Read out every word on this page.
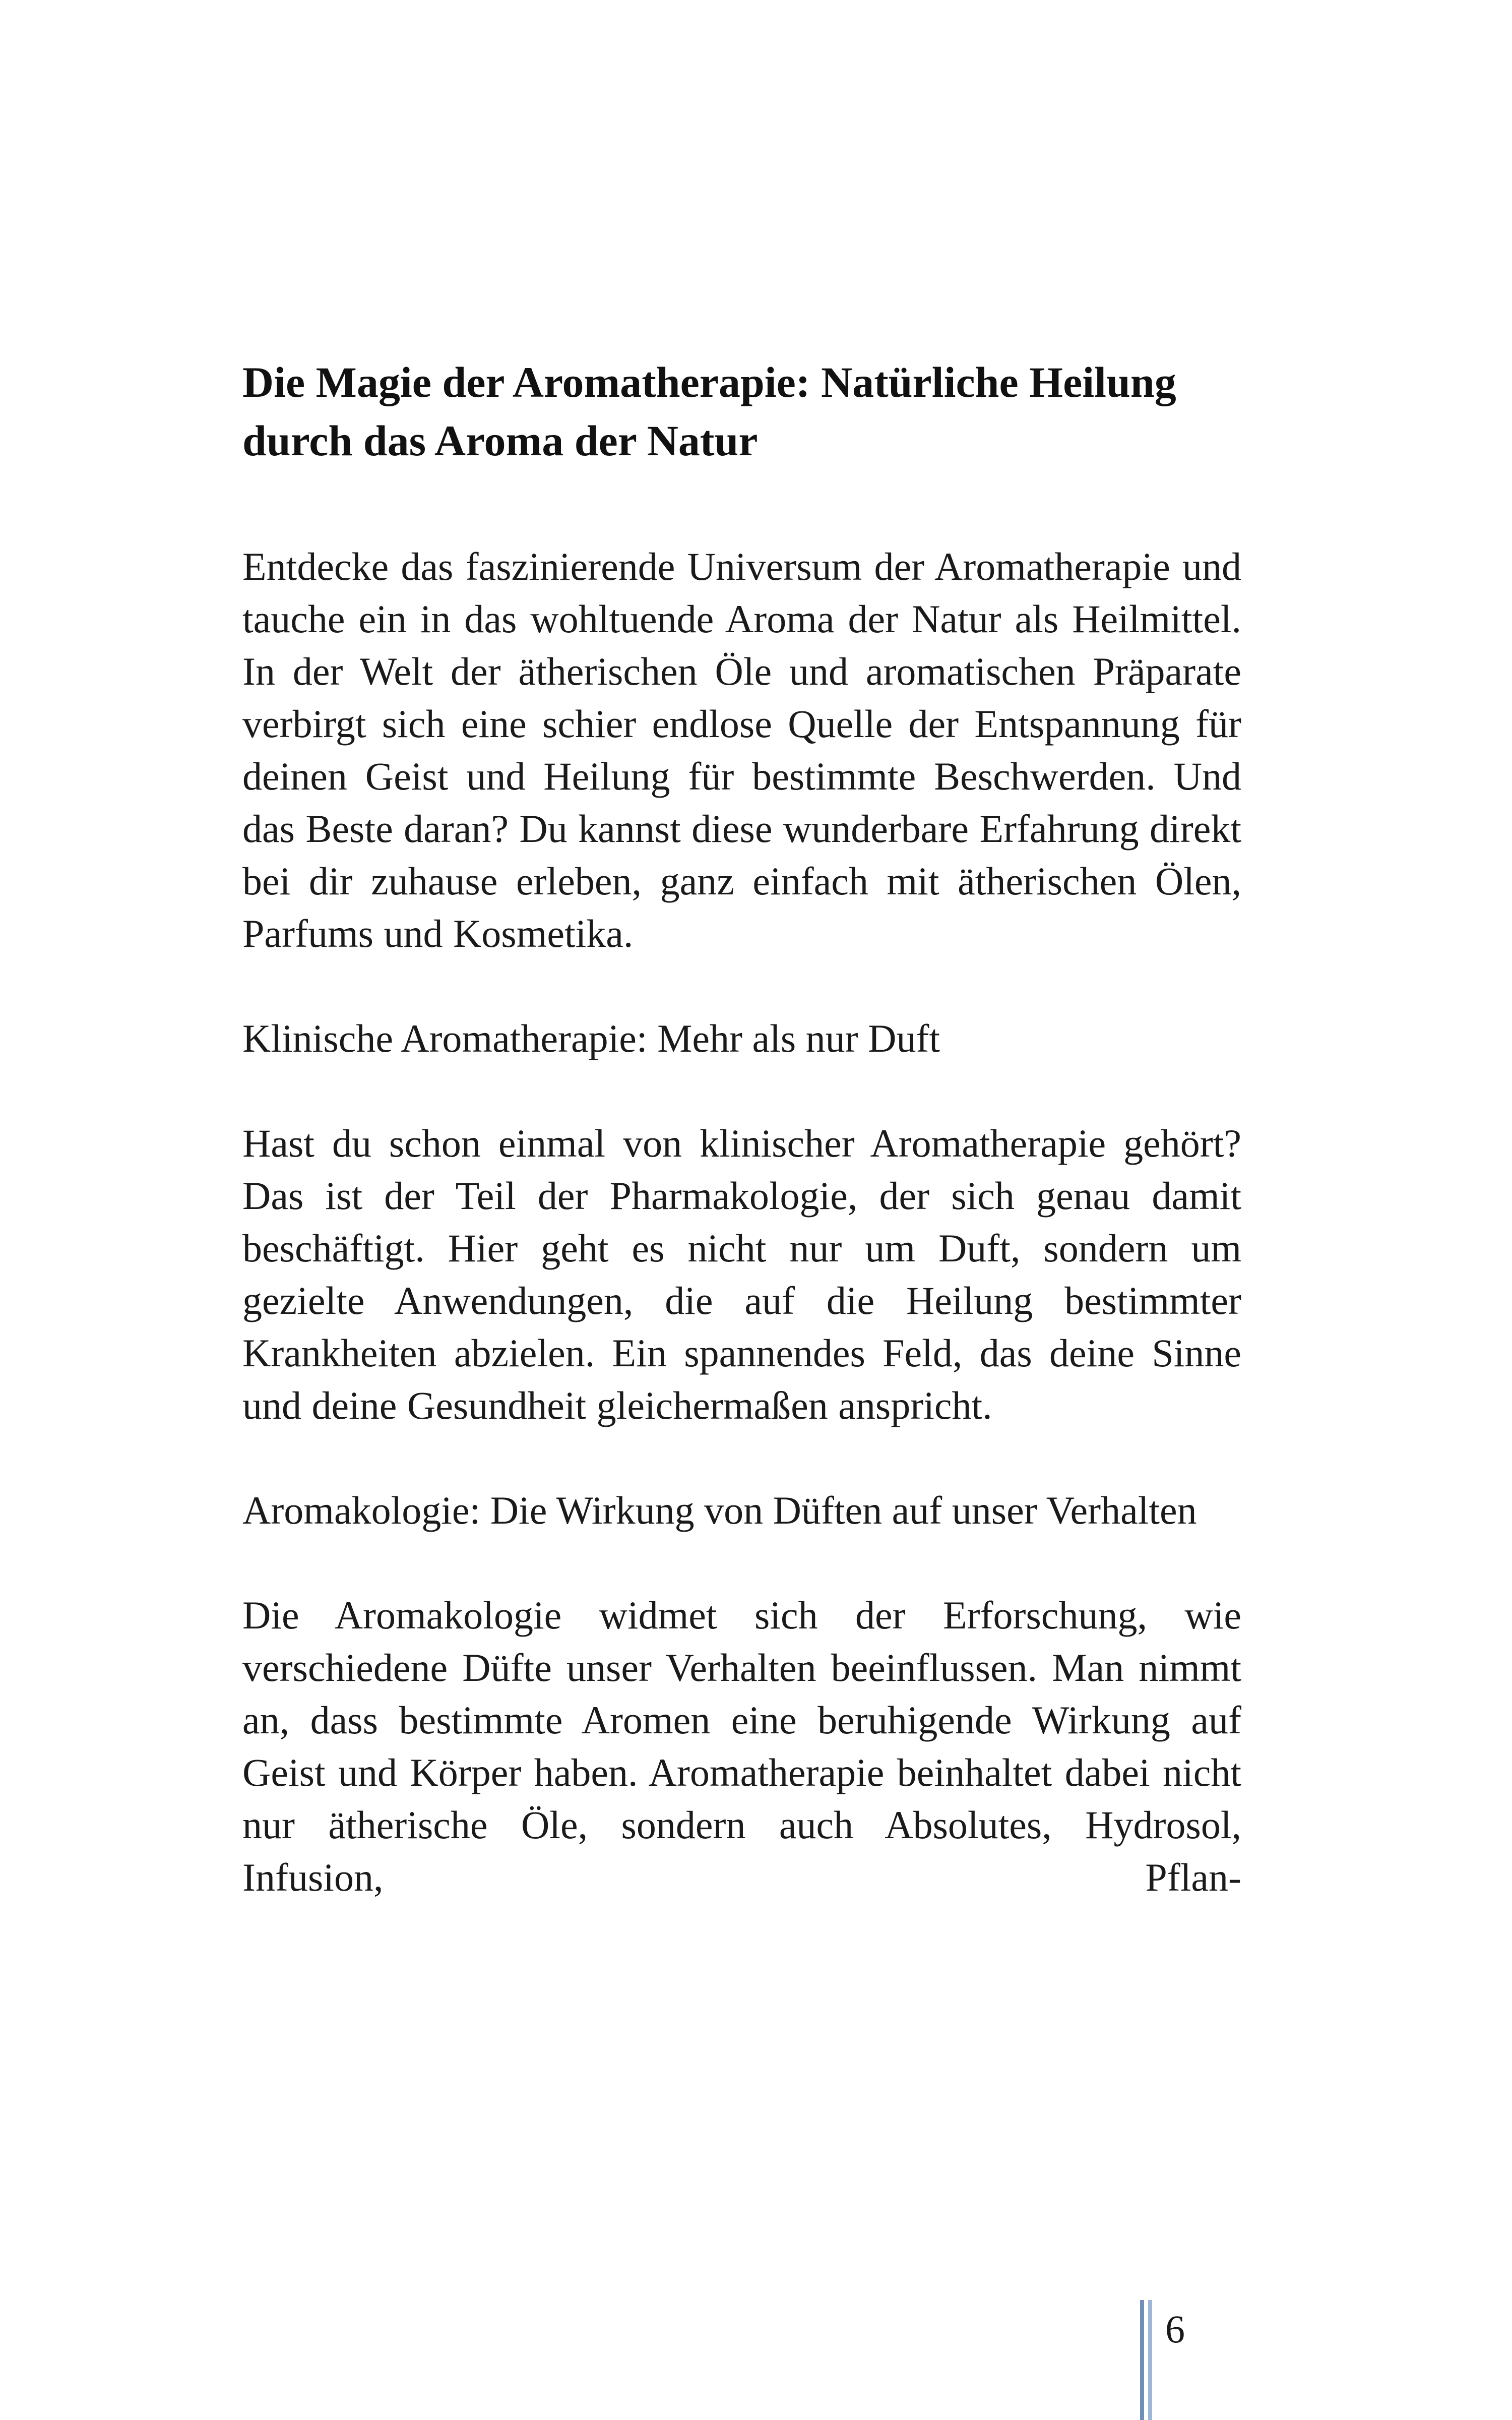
Die Magie der Aromatherapie: Natürliche Heilung durch das Aroma der Natur

Entdecke das faszinierende Universum der Aromatherapie und tauche ein in das wohltuende Aroma der Natur als Heilmittel. In der Welt der ätherischen Öle und aromatischen Präparate verbirgt sich eine schier endlose Quelle der Entspannung für deinen Geist und Heilung für bestimmte Beschwerden. Und das Beste daran? Du kannst diese wunderbare Erfahrung direkt bei dir zuhause erleben, ganz einfach mit ätherischen Ölen, Parfums und Kosmetika.

Klinische Aromatherapie: Mehr als nur Duft

Hast du schon einmal von klinischer Aromatherapie gehört? Das ist der Teil der Pharmakologie, der sich genau damit beschäftigt. Hier geht es nicht nur um Duft, sondern um gezielte Anwendungen, die auf die Heilung bestimmter Krankheiten abzielen. Ein spannendes Feld, das deine Sinne und deine Gesundheit gleichermaßen anspricht.

Aromakologie: Die Wirkung von Düften auf unser Verhalten

Die Aromakologie widmet sich der Erforschung, wie verschiedene Düfte unser Verhalten beeinflussen. Man nimmt an, dass bestimmte Aromen eine beruhigende Wirkung auf Geist und Körper haben. Aromatherapie beinhaltet dabei nicht nur ätherische Öle, sondern auch Absolutes, Hydrosol, Infusion, Pflan-

6
